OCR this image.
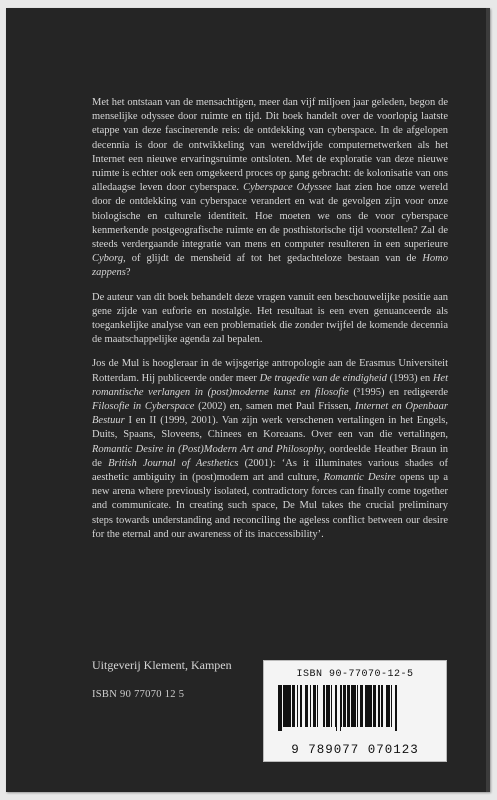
Met het ontstaan van de mensachtigen, meer dan vijf miljoen jaar geleden, begon de menselijke odyssee door ruimte en tijd. Dit boek handelt over de voorlopig laatste etappe van deze fascinerende reis: de ontdekking van cyberspace. In de afgelopen decennia is door de ontwikkeling van wereldwijde computernetwerken als het Internet een nieuwe ervaringsruimte ontsloten. Met de exploratie van deze nieuwe ruimte is echter ook een omgekeerd proces op gang gebracht: de kolonisatie van ons alledaagse leven door cyberspace. Cyberspace Odyssee laat zien hoe onze wereld door de ontdekking van cyberspace verandert en wat de gevolgen zijn voor onze biologische en culturele identiteit. Hoe moeten we ons de voor cyberspace kenmerkende postgeografische ruimte en de posthistorische tijd voorstellen? Zal de steeds verdergaande integratie van mens en computer resulteren in een superieure Cyborg, of glijdt de mensheid af tot het gedachteloze bestaan van de Homo zappens?

De auteur van dit boek behandelt deze vragen vanuit een beschouwelijke positie aan gene zijde van euforie en nostalgie. Het resultaat is een even genuanceerde als toegankelijke analyse van een problematiek die zonder twijfel de komende decennia de maatschappelijke agenda zal bepalen.

Jos de Mul is hoogleraar in de wijsgerige antropologie aan de Erasmus Universiteit Rotterdam. Hij publiceerde onder meer De tragedie van de eindigheid (1993) en Het romantische verlangen in (post)moderne kunst en filosofie (³1995) en redigeerde Filosofie in Cyberspace (2002) en, samen met Paul Frissen, Internet en Openbaar Bestuur I en II (1999, 2001). Van zijn werk verschenen vertalingen in het Engels, Duits, Spaans, Sloveens, Chinees en Koreaans. Over een van die vertalingen, Romantic Desire in (Post)Modern Art and Philosophy, oordeelde Heather Braun in de British Journal of Aesthetics (2001): ‘As it illuminates various shades of aesthetic ambiguity in (post)modern art and culture, Romantic Desire opens up a new arena where previously isolated, contradictory forces can finally come together and communicate. In creating such space, De Mul takes the crucial preliminary steps towards understanding and reconciling the ageless conflict between our desire for the eternal and our awareness of its inaccessibility’.

Uitgeverij Klement, Kampen
ISBN 90 77070 12 5
ISBN 90-77070-12-5
9 789077 070123
